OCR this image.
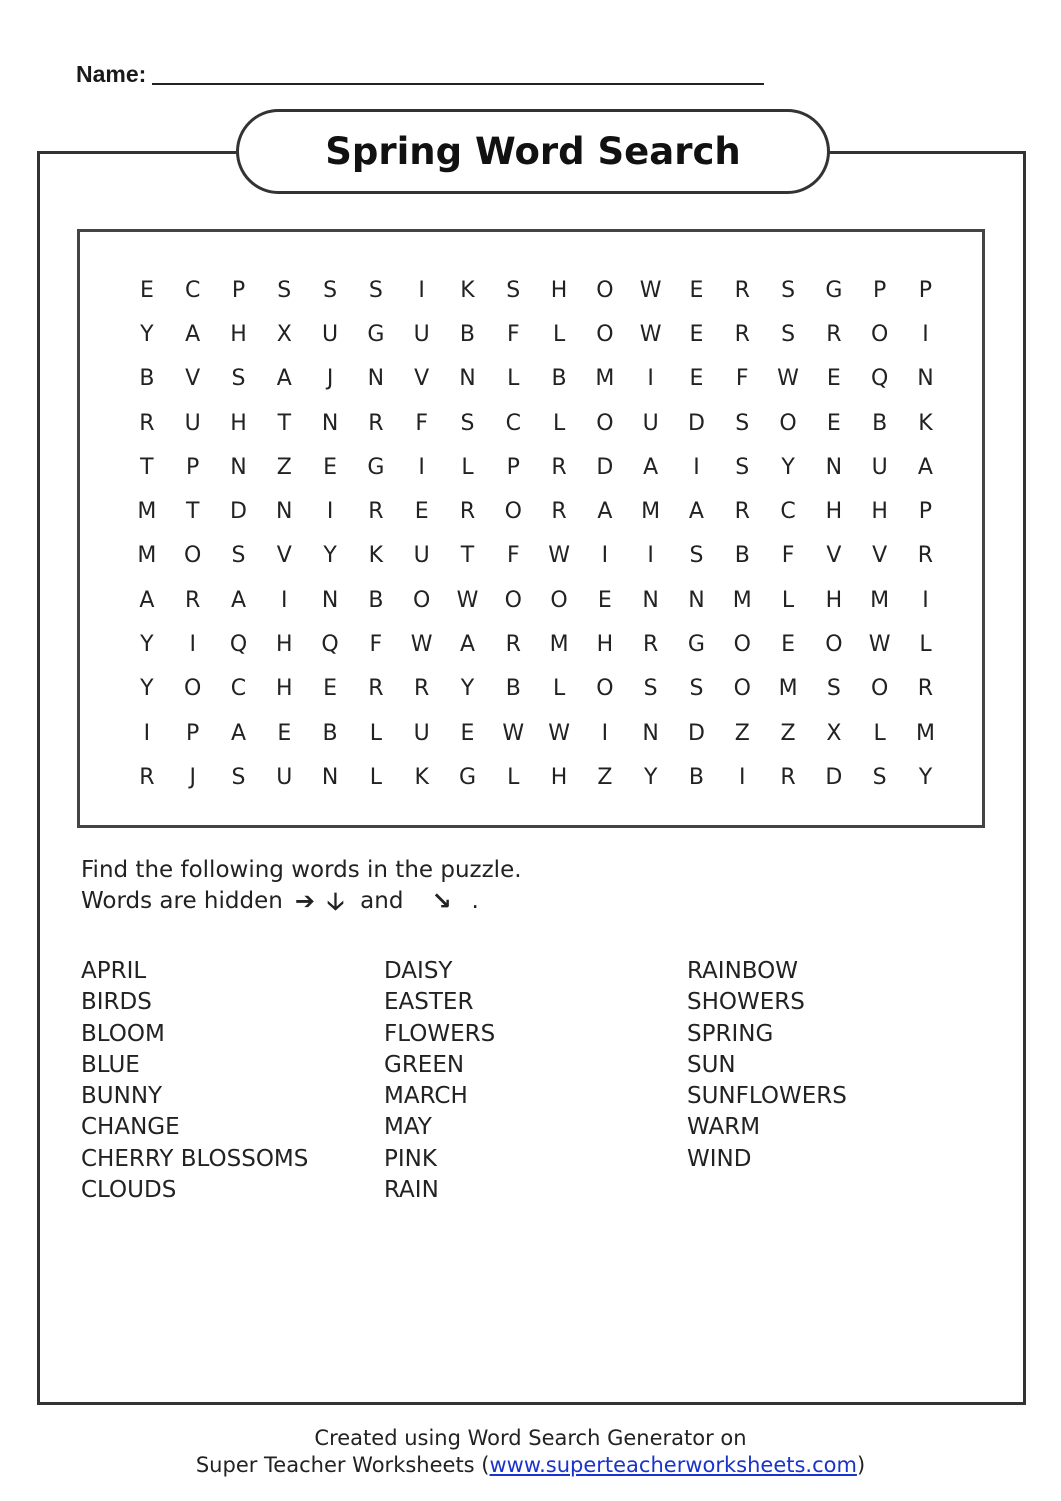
Name:
Spring Word Search
E	C	P	S	S	S	I	K	S	H	O	W	E	R	S	G	P	P
Y	A	H	X	U	G	U	B	F	L	O	W	E	R	S	R	O	I
B	V	S	A	J	N	V	N	L	B	M	I	E	F	W	E	Q	N
R	U	H	T	N	R	F	S	C	L	O	U	D	S	O	E	B	K
T	P	N	Z	E	G	I	L	P	R	D	A	I	S	Y	N	U	A
M	T	D	N	I	R	E	R	O	R	A	M	A	R	C	H	H	P
M	O	S	V	Y	K	U	T	F	W	I	I	S	B	F	V	V	R
A	R	A	I	N	B	O	W	O	O	E	N	N	M	L	H	M	I
Y	I	Q	H	Q	F	W	A	R	M	H	R	G	O	E	O	W	L
Y	O	C	H	E	R	R	Y	B	L	O	S	S	O	M	S	O	R
I	P	A	E	B	L	U	E	W	W	I	N	D	Z	Z	X	L	M
R	J	S	U	N	L	K	G	L	H	Z	Y	B	I	R	D	S	Y
Find the following words in the puzzle.
Words are hidden ➔ 🡣 and ↘ .
APRIL
BIRDS
BLOOM
BLUE
BUNNY
CHANGE
CHERRY BLOSSOMS
CLOUDS
DAISY
EASTER
FLOWERS
GREEN
MARCH
MAY
PINK
RAIN
RAINBOW
SHOWERS
SPRING
SUN
SUNFLOWERS
WARM
WIND
Created using Word Search Generator on
Super Teacher Worksheets (www.superteacherworksheets.com)
